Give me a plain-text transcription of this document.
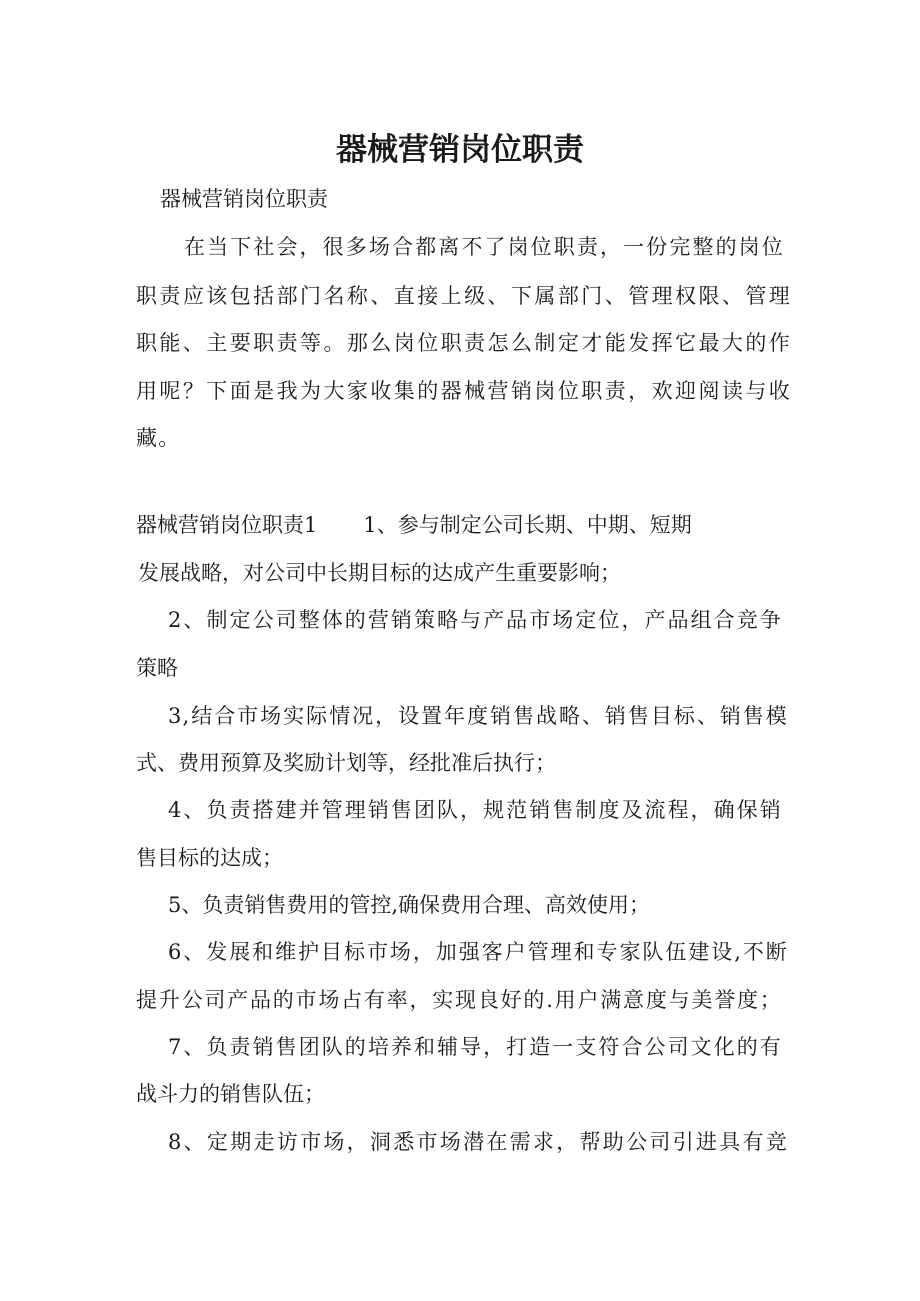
器械营销岗位职责

器械营销岗位职责

在当下社会，很多场合都离不了岗位职责，一份完整的岗位

职责应该包括部门名称、直接上级、下属部门、管理权限、管理

职能、主要职责等。那么岗位职责怎么制定才能发挥它最大的作

用呢？下面是我为大家收集的器械营销岗位职责，欢迎阅读与收

藏。

器械营销岗位职责1 1、参与制定公司长期、中期、短期

发展战略，对公司中长期目标的达成产生重要影响；

2、制定公司整体的营销策略与产品市场定位，产品组合竞争

策略

3,结合市场实际情况，设置年度销售战略、销售目标、销售模

式、费用预算及奖励计划等，经批准后执行；

4、负责搭建并管理销售团队，规范销售制度及流程，确保销

售目标的达成；

5、负责销售费用的管控,确保费用合理、高效使用；

6、发展和维护目标市场，加强客户管理和专家队伍建设,不断

提升公司产品的市场占有率，实现良好的.用户满意度与美誉度；

7、负责销售团队的培养和辅导，打造一支符合公司文化的有

战斗力的销售队伍；

8、定期走访市场，洞悉市场潜在需求，帮助公司引进具有竞
